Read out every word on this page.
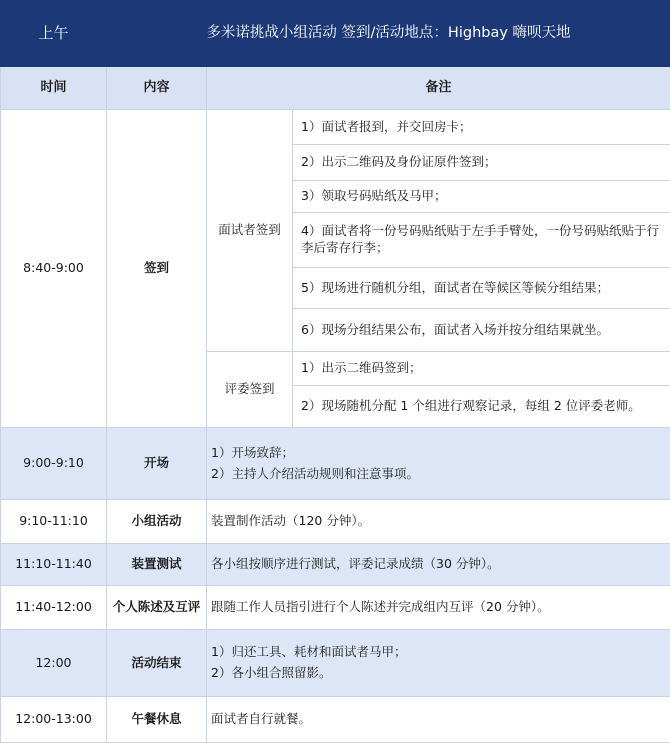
上午	多米诺挑战小组活动 签到/活动地点：Highbay 嗨呗天地		
时间	内容	备注	
8:40-9:00	签到	面试者签到	1）面试者报到，并交回房卡；
			2）出示二维码及身份证原件签到；
			3）领取号码贴纸及马甲；
			4）面试者将一份号码贴纸贴于左手手臂处，一份号码贴纸贴于行李后寄存行李；
			5）现场进行随机分组，面试者在等候区等候分组结果；
			6）现场分组结果公布，面试者入场并按分组结果就坐。
		评委签到	1）出示二维码签到；
			2）现场随机分配 1 个组进行观察记录，每组 2 位评委老师。
9:00-9:10	开场	1）开场致辞；
2）主持人介绍活动规则和注意事项。	

9:10-11:10	小组活动	装置制作活动（120 分钟）。	
11:10-11:40	装置测试	各小组按顺序进行测试，评委记录成绩（30 分钟）。	
11:40-12:00	个人陈述及互评	跟随工作人员指引进行个人陈述并完成组内互评（20 分钟）。	
12:00	活动结束	1）归还工具、耗材和面试者马甲；
2）各小组合照留影。	

12:00-13:00	午餐休息	面试者自行就餐。	
